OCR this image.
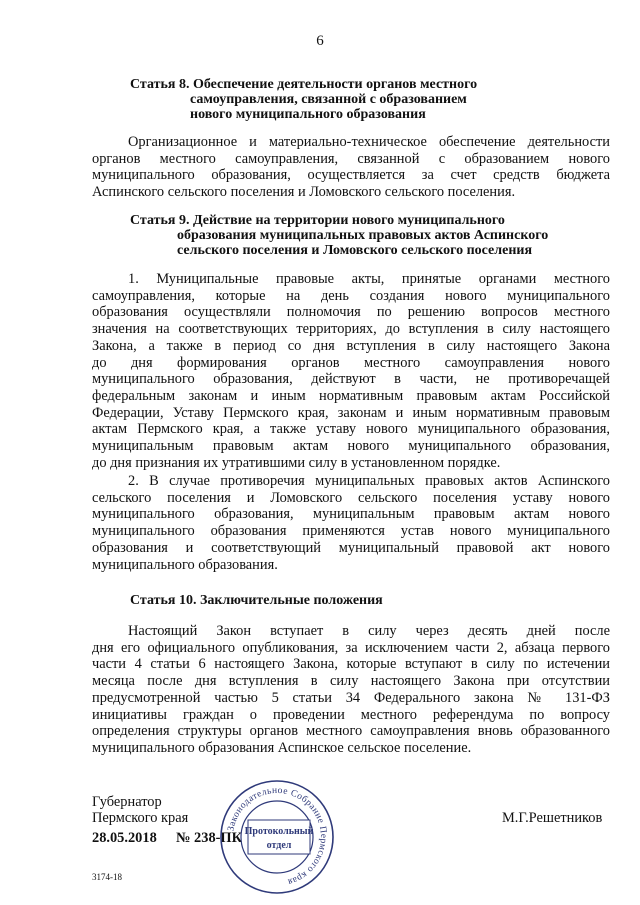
6
Статья 8. Обеспечение деятельности органов местного
самоуправления, связанной с образованием
нового муниципального образования
Организационное и материально-техническое обеспечение деятельности
органов местного самоуправления, связанной с образованием нового
муниципального образования, осуществляется за счет средств бюджета
Аспинского сельского поселения и Ломовского сельского поселения.
Статья 9. Действие на территории нового муниципального
образования муниципальных правовых актов Аспинского
сельского поселения и Ломовского сельского поселения
1. Муниципальные правовые акты, принятые органами местного
самоуправления, которые на день создания нового муниципального
образования осуществляли полномочия по решению вопросов местного
значения на соответствующих территориях, до вступления в силу настоящего
Закона, а также в период со дня вступления в силу настоящего Закона
до дня формирования органов местного самоуправления нового
муниципального образования, действуют в части, не противоречащей
федеральным законам и иным нормативным правовым актам Российской
Федерации, Уставу Пермского края, законам и иным нормативным правовым
актам Пермского края, а также уставу нового муниципального образования,
муниципальным правовым актам нового муниципального образования,
до дня признания их утратившими силу в установленном порядке.
2. В случае противоречия муниципальных правовых актов Аспинского
сельского поселения и Ломовского сельского поселения уставу нового
муниципального образования, муниципальным правовым актам нового
муниципального образования применяются устав нового муниципального
образования и соответствующий муниципальный правовой акт нового
муниципального образования.
Статья 10. Заключительные положения
Настоящий Закон вступает в силу через десять дней после
дня его официального опубликования, за исключением части 2, абзаца первого
части 4 статьи 6 настоящего Закона, которые вступают в силу по истечении
месяца после дня вступления в силу настоящего Закона при отсутствии
предусмотренной частью 5 статьи 34 Федерального закона № 131-ФЗ
инициативы граждан о проведении местного референдума по вопросу
определения структуры органов местного самоуправления вновь образованного
муниципального образования Аспинское сельское поселение.
Губернатор
Пермского края	М.Г.Решетников
28.05.2018 № 238-ПК
3174-18
Законодательное Собрание Пермского края
Протокольный
отдел
